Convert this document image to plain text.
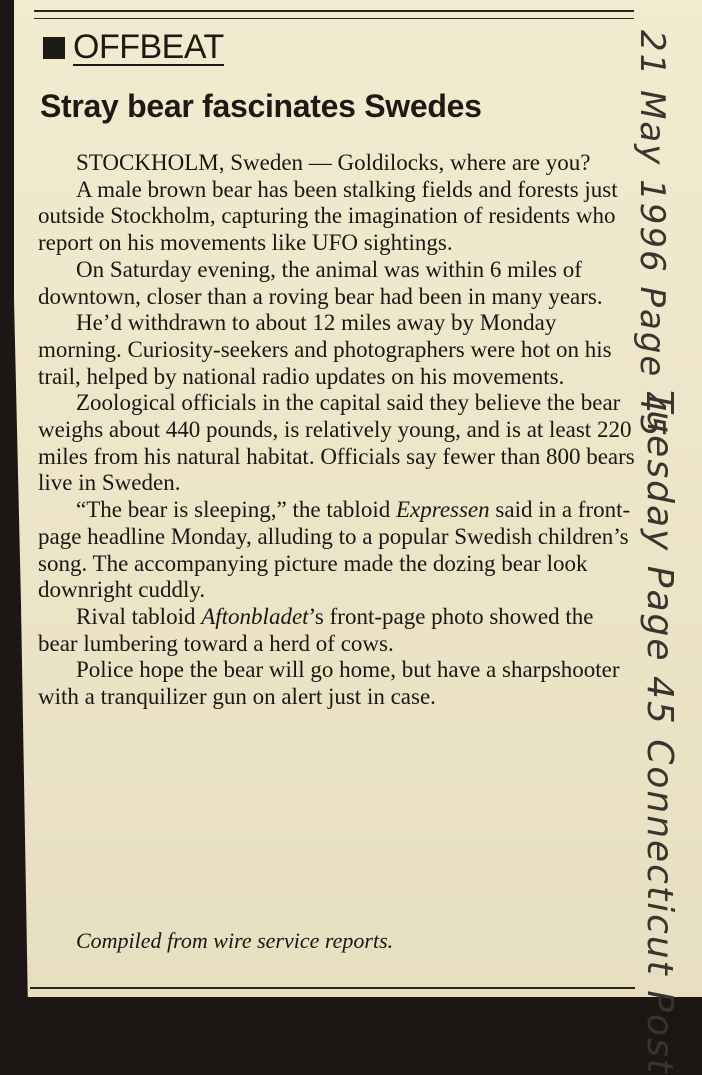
OFFBEAT
Stray bear fascinates Swedes

STOCKHOLM, Sweden — Goldilocks, where are you?

A male brown bear has been stalking fields and forests just outside Stockholm, capturing the imagination of residents who report on his movements like UFO sightings.

On Saturday evening, the animal was within 6 miles of downtown, closer than a roving bear had been in many years.

He’d withdrawn to about 12 miles away by Monday morning. Curiosity-seekers and photographers were hot on his trail, helped by national radio updates on his movements.

Zoological officials in the capital said they believe the bear weighs about 440 pounds, is relatively young, and is at least 220 miles from his natural habitat. Officials say fewer than 800 bears live in Sweden.

“The bear is sleeping,” the tabloid Expressen said in a front-page headline Monday, alluding to a popular Swedish children’s song. The accompanying picture made the dozing bear look downright cuddly.

Rival tabloid Aftonbladet’s front-page photo showed the bear lumbering toward a herd of cows.

Police hope the bear will go home, but have a sharpshooter with a tranquilizer gun on alert just in case.

Compiled from wire service reports.
21 May 1996 Page 45
Tuesday Page 45 Connecticut Post
